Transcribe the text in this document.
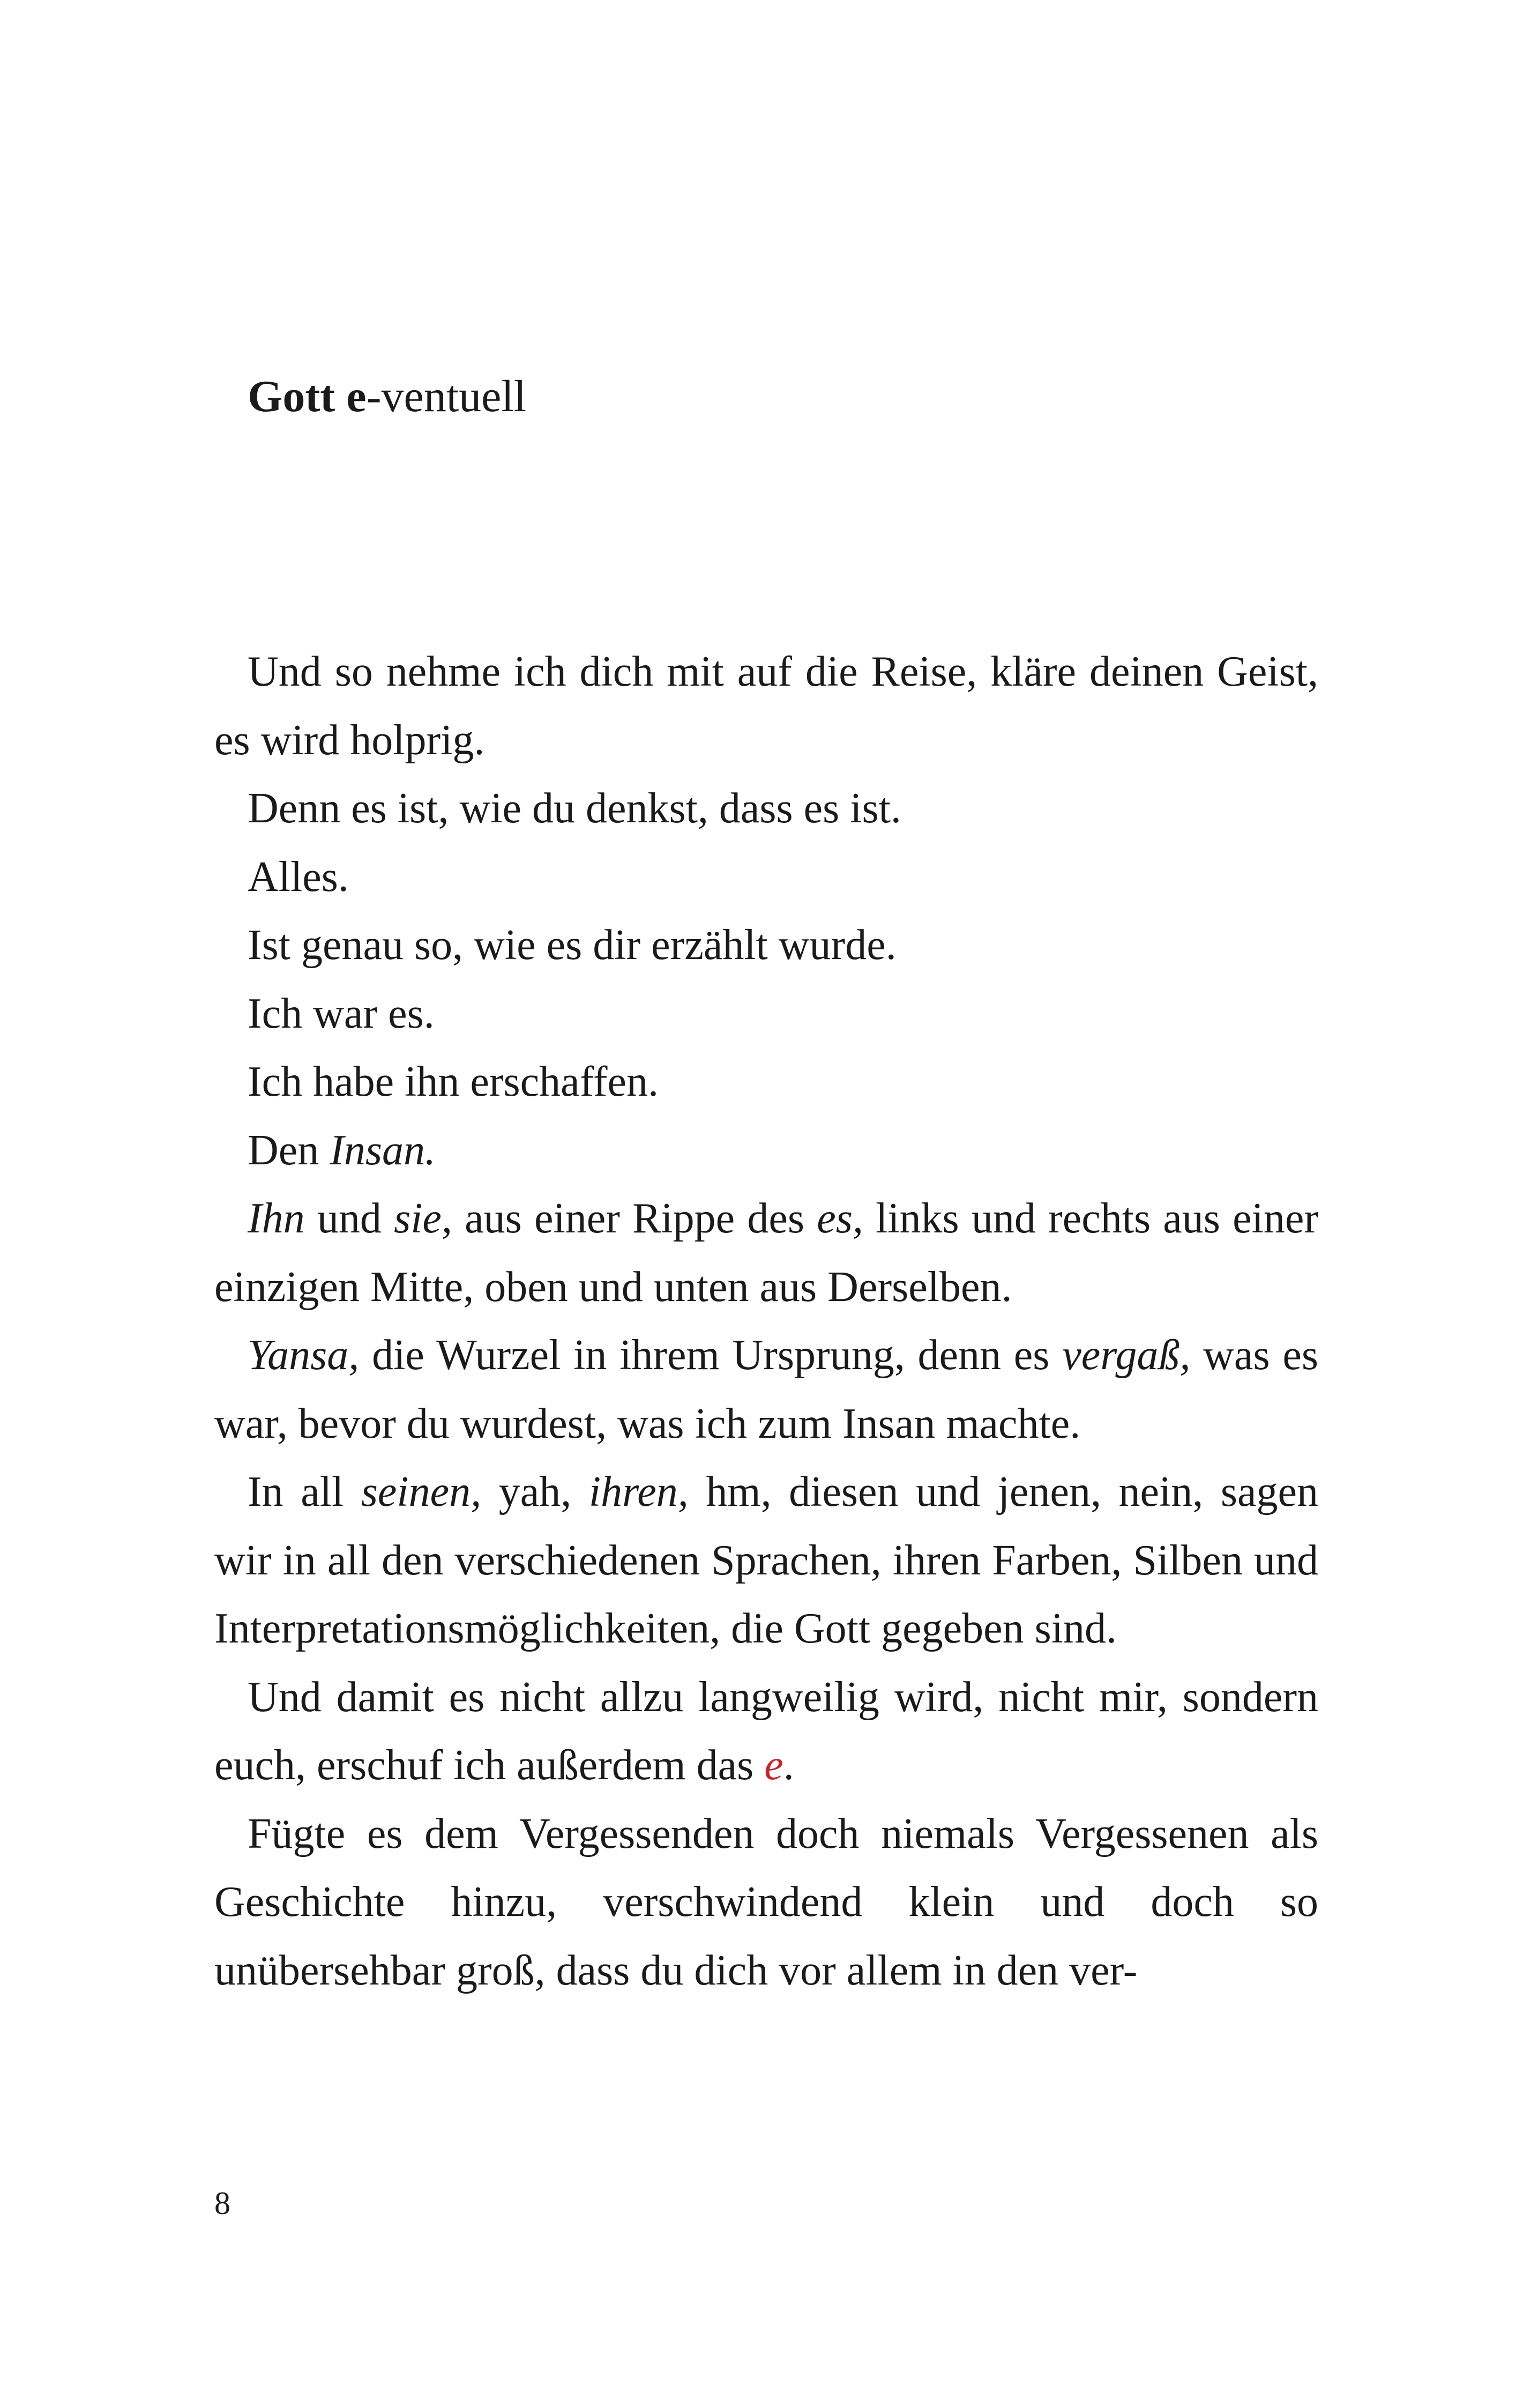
Gott e-ventuell

Und so nehme ich dich mit auf die Reise, kläre deinen Geist, es wird holprig.

Denn es ist, wie du denkst, dass es ist.

Alles.

Ist genau so, wie es dir erzählt wurde.

Ich war es.

Ich habe ihn erschaffen.

Den Insan.

Ihn und sie, aus einer Rippe des es, links und rechts aus einer einzigen Mitte, oben und unten aus Derselben.

Yansa, die Wurzel in ihrem Ursprung, denn es vergaß, was es war, bevor du wurdest, was ich zum Insan machte.

In all seinen, yah, ihren, hm, diesen und jenen, nein, sagen wir in all den verschiedenen Sprachen, ihren Farben, Silben und Interpretationsmöglichkeiten, die Gott gegeben sind.

Und damit es nicht allzu langweilig wird, nicht mir, sondern euch, erschuf ich außerdem das e.

Fügte es dem Vergessenden doch niemals Vergessenen als Geschichte hinzu, verschwindend klein und doch so unübersehbar groß, dass du dich vor allem in den ver-

8
